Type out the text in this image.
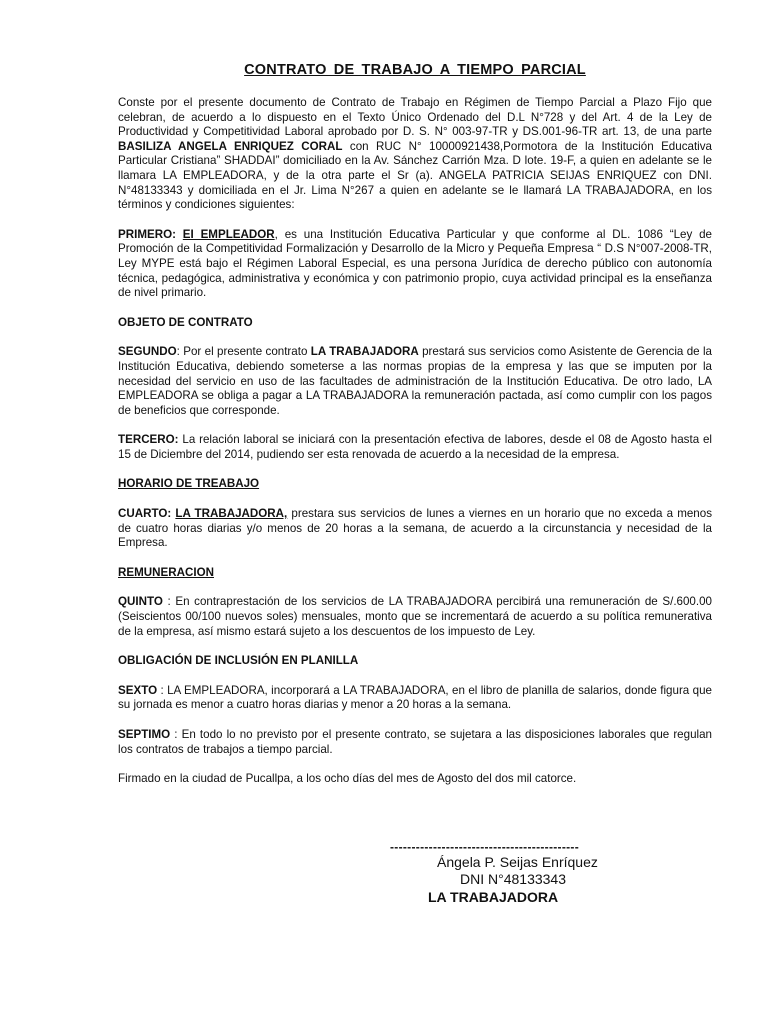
CONTRATO DE TRABAJO A TIEMPO PARCIAL

Conste por el presente documento de Contrato de Trabajo en Régimen de Tiempo Parcial a Plazo Fijo que celebran, de acuerdo a lo dispuesto en el Texto Único Ordenado del D.L N°728 y del Art. 4 de la Ley de Productividad y Competitividad Laboral aprobado por D. S. N° 003-97-TR y DS.001-96-TR art. 13, de una parte BASILIZA ANGELA ENRIQUEZ CORAL con RUC N° 10000921438,Pormotora de la Institución Educativa Particular Cristiana” SHADDAI” domiciliado en la Av. Sánchez Carrión Mza. D lote. 19-F, a quien en adelante se le llamara LA EMPLEADORA, y de la otra parte el Sr (a). ANGELA PATRICIA SEIJAS ENRIQUEZ con DNI. N°48133343 y domiciliada en el Jr. Lima N°267 a quien en adelante se le llamará LA TRABAJADORA, en los términos y condiciones siguientes:

PRIMERO: EI EMPLEADOR, es una Institución Educativa Particular y que conforme al DL. 1086 “Ley de Promoción de la Competitividad Formalización y Desarrollo de la Micro y Pequeña Empresa “ D.S N°007-2008-TR, Ley MYPE está bajo el Régimen Laboral Especial, es una persona Jurídica de derecho público con autonomía técnica, pedagógica, administrativa y económica y con patrimonio propio, cuya actividad principal es la enseñanza de nivel primario.

OBJETO DE CONTRATO

SEGUNDO: Por el presente contrato LA TRABAJADORA prestará sus servicios como Asistente de Gerencia de la Institución Educativa, debiendo someterse a las normas propias de la empresa y las que se imputen por la necesidad del servicio en uso de las facultades de administración de la Institución Educativa. De otro lado, LA EMPLEADORA se obliga a pagar a LA TRABAJADORA la remuneración pactada, así como cumplir con los pagos de beneficios que corresponde.

TERCERO: La relación laboral se iniciará con la presentación efectiva de labores, desde el 08 de Agosto hasta el 15 de Diciembre del 2014, pudiendo ser esta renovada de acuerdo a la necesidad de la empresa.

HORARIO DE TREABAJO

CUARTO: LA TRABAJADORA, prestara sus servicios de lunes a viernes en un horario que no exceda a menos de cuatro horas diarias y/o menos de 20 horas a la semana, de acuerdo a la circunstancia y necesidad de la Empresa.

REMUNERACION

QUINTO : En contraprestación de los servicios de LA TRABAJADORA percibirá una remuneración de S/.600.00 (Seiscientos 00/100 nuevos soles) mensuales, monto que se incrementará de acuerdo a su política remunerativa de la empresa, así mismo estará sujeto a los descuentos de los impuesto de Ley.

OBLIGACIÓN DE INCLUSIÓN EN PLANILLA

SEXTO : LA EMPLEADORA, incorporará a LA TRABAJADORA, en el libro de planilla de salarios, donde figura que su jornada es menor a cuatro horas diarias y menor a 20 horas a la semana.

SEPTIMO : En todo lo no previsto por el presente contrato, se sujetara a las disposiciones laborales que regulan los contratos de trabajos a tiempo parcial.

Firmado en la ciudad de Pucallpa, a los ocho días del mes de Agosto del dos mil catorce.

--------------------------------------------
Ángela P. Seijas Enríquez
DNI N°48133343
LA TRABAJADORA
